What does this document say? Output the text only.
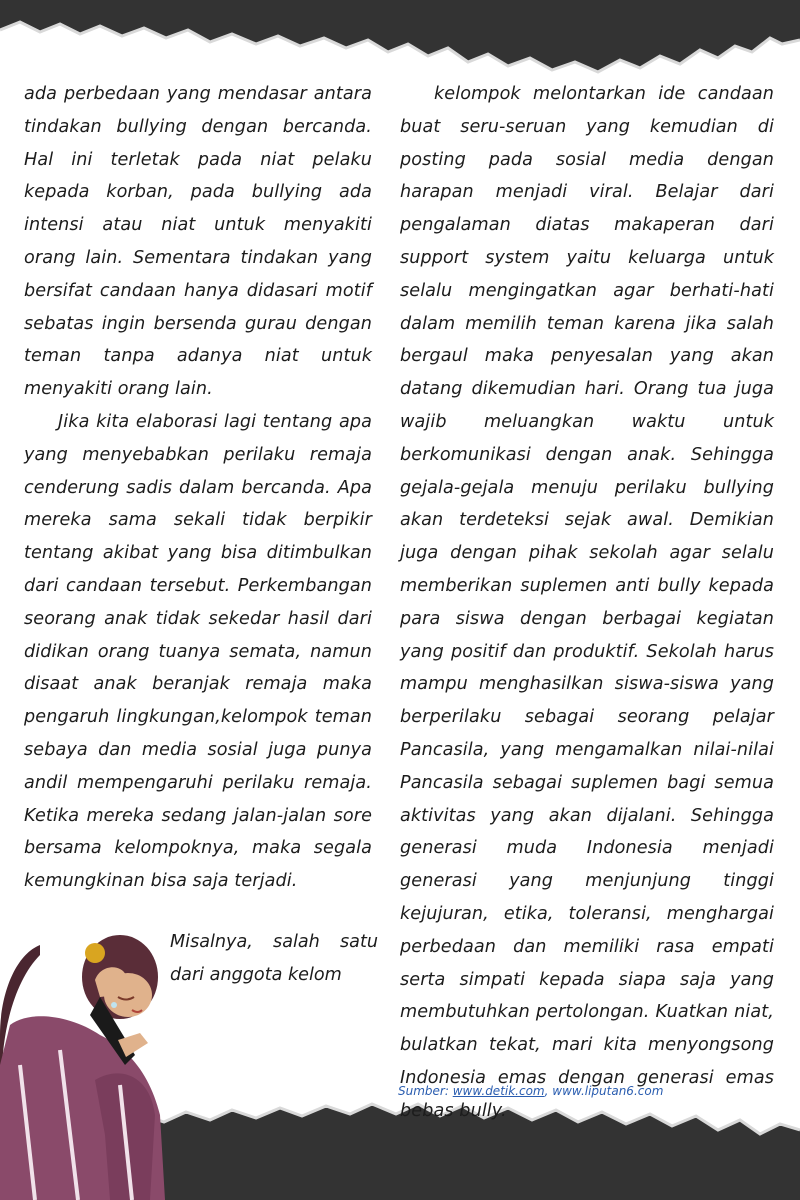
ada perbedaan yang mendasar antara tindakan bullying dengan bercanda. Hal ini terletak pada niat pelaku kepada korban, pada bullying ada intensi atau niat untuk menyakiti orang lain. Sementara tindakan yang bersifat candaan hanya didasari motif sebatas ingin bersenda gurau dengan teman tanpa adanya niat untuk menyakiti orang lain.

Jika kita elaborasi lagi tentang apa yang menyebabkan perilaku remaja cenderung sadis dalam bercanda. Apa mereka sama sekali tidak berpikir tentang akibat yang bisa ditimbulkan dari candaan tersebut. Perkembangan seorang anak tidak sekedar hasil dari didikan orang tuanya semata, namun disaat anak beranjak remaja maka pengaruh lingkungan,kelompok teman sebaya dan media sosial juga punya andil mempengaruhi perilaku remaja. Ketika mereka sedang jalan-jalan sore bersama kelompoknya, maka segala kemungkinan bisa saja terjadi.

Misalnya, salah satu
dari anggota kelom

kelompok melontarkan ide candaan buat seru-seruan yang kemudian di posting pada sosial media dengan harapan menjadi viral. Belajar dari pengalaman diatas makaperan dari support system yaitu keluarga untuk selalu mengingatkan agar berhati-hati dalam memilih teman karena jika salah bergaul maka penyesalan yang akan datang dikemudian hari. Orang tua juga wajib meluangkan waktu untuk berkomunikasi dengan anak. Sehingga gejala-gejala menuju perilaku bullying akan terdeteksi sejak awal. Demikian juga dengan pihak sekolah agar selalu memberikan suplemen anti bully kepada para siswa dengan berbagai kegiatan yang positif dan produktif. Sekolah harus mampu menghasilkan siswa-siswa yang berperilaku sebagai seorang pelajar Pancasila, yang mengamalkan nilai-nilai Pancasila sebagai suplemen bagi semua aktivitas yang akan dijalani. Sehingga generasi muda Indonesia menjadi generasi yang menjunjung tinggi kejujuran, etika, toleransi, menghargai perbedaan dan memiliki rasa empati serta simpati kepada siapa saja yang membutuhkan pertolongan. Kuatkan niat, bulatkan tekat, mari kita menyongsong Indonesia emas dengan generasi emas bebas bully.

Sumber: www.detik.com, www.liputan6.com
